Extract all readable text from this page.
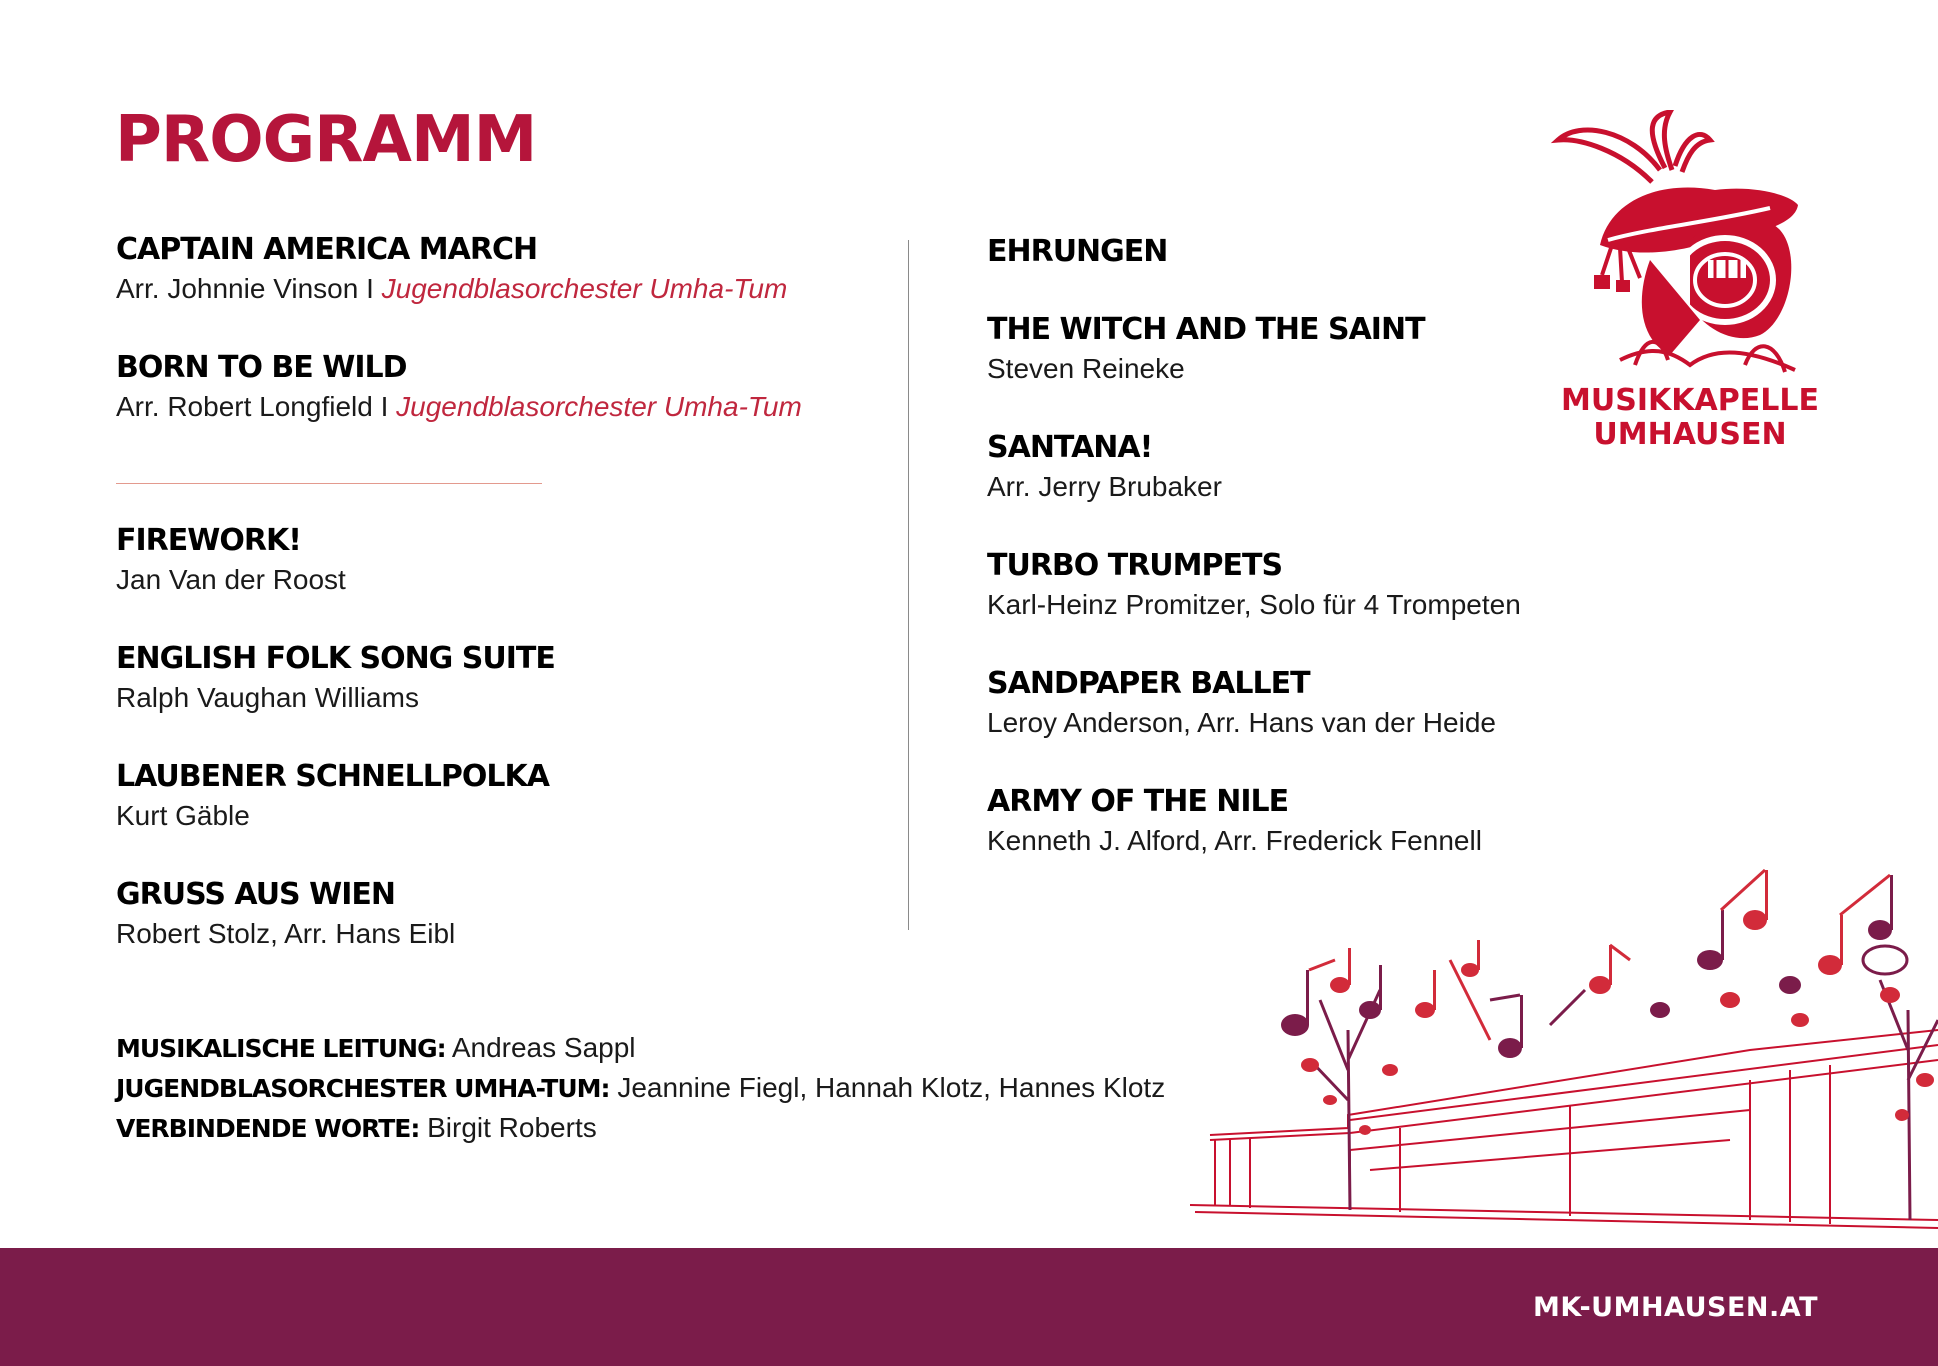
PROGRAMM
CAPTAIN AMERICA MARCH
Arr. Johnnie Vinson I Jugendblasorchester Umha-Tum
BORN TO BE WILD
Arr. Robert Longfield I Jugendblasorchester Umha-Tum
FIREWORK!
Jan Van der Roost
ENGLISH FOLK SONG SUITE
Ralph Vaughan Williams
LAUBENER SCHNELLPOLKA
Kurt Gäble
GRUSS AUS WIEN
Robert Stolz, Arr. Hans Eibl
EHRUNGEN
THE WITCH AND THE SAINT
Steven Reineke
SANTANA!
Arr. Jerry Brubaker
TURBO TRUMPETS
Karl-Heinz Promitzer, Solo für 4 Trompeten
SANDPAPER BALLET
Leroy Anderson, Arr. Hans van der Heide
ARMY OF THE NILE
Kenneth J. Alford, Arr. Frederick Fennell
MUSIKALISCHE LEITUNG: Andreas Sappl
JUGENDBLASORCHESTER UMHA-TUM: Jeannine Fiegl, Hannah Klotz, Hannes Klotz
VERBINDENDE WORTE: Birgit Roberts
MUSIKKAPELLE
UMHAUSEN
MK-UMHAUSEN.AT
